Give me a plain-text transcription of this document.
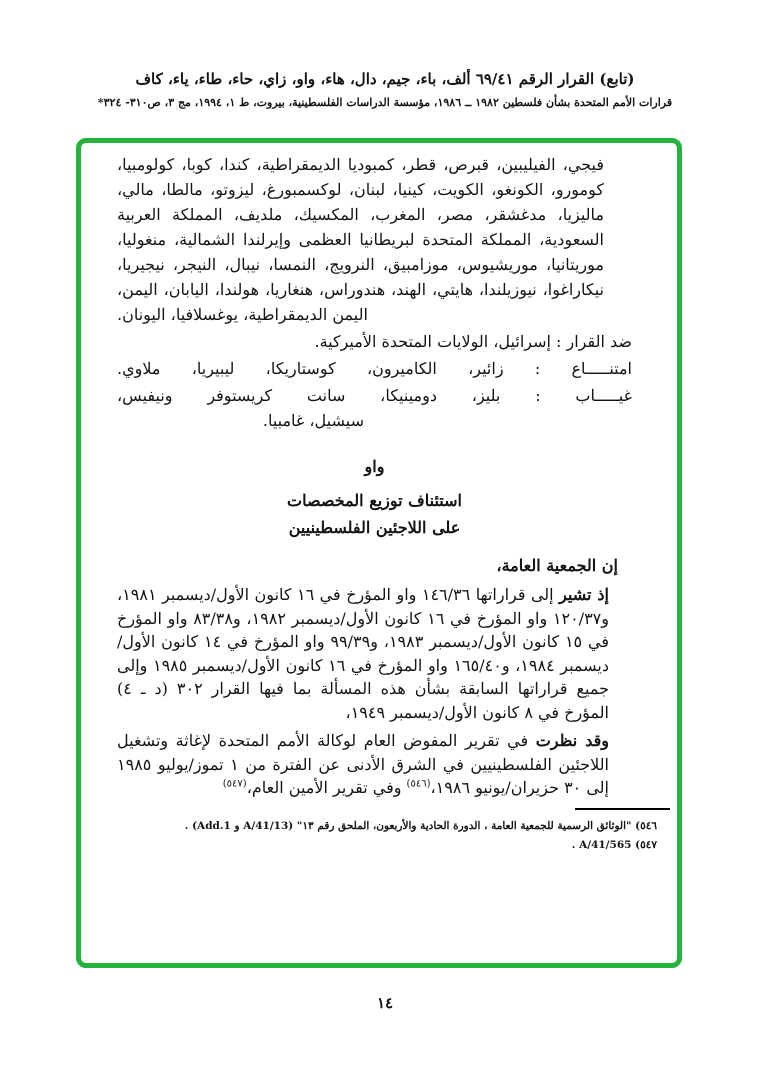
(تابع) القرار الرقم ٦٩/٤١ ألف، باء، جيم، دال، هاء، واو، زاي، حاء، طاء، ياء، كاف
قرارات الأمم المتحدة بشأن فلسطين ١٩٨٢ ــ ١٩٨٦، مؤسسة الدراسات الفلسطينية، بيروت، ط ١، ١٩٩٤، مج ٣، ص٣١٠- ٣٢٤*
فيجي، الفيليبين، قبرص، قطر، كمبوديا الديمقراطية، كندا، كوبا، كولومبيا، كومورو، الكونغو، الكويت، كينيا، لبنان، لوكسمبورغ، ليزوتو، مالطا، مالي، ماليزيا، مدغشقر، مصر، المغرب، المكسيك، ملديف، المملكة العربية السعودية، المملكة المتحدة لبريطانيا العظمى وإيرلندا الشمالية، منغوليا، موريتانيا، موريشيوس، موزامبيق، النرويج، النمسا، نيبال، النيجر، نيجيريا، نيكاراغوا، نيوزيلندا، هايتي، الهند، هندوراس، هنغاريا، هولندا، اليابان، اليمن، اليمن الديمقراطية، يوغسلافيا، اليونان.
ضد القرار : إسرائيل، الولايات المتحدة الأميركية.
امتنـــــاع : زائير، الكاميرون، كوستاريكا، ليبيريا، ملاوي.
غيـــــاب : بليز، دومينيكا، سانت كريستوفر ونيفيس،
سيشيل، غامبيا.
واو
استئناف توزيع المخصصات
على اللاجئين الفلسطينيين
إن الجمعية العامة،
إذ تشير إلى قراراتها ١٤٦/٣٦ واو المؤرخ في ١٦ كانون الأول/ديسمبر ١٩٨١، و١٢٠/٣٧ واو المؤرخ في ١٦ كانون الأول/ديسمبر ١٩٨٢، و٨٣/٣٨ واو المؤرخ في ١٥ كانون الأول/ديسمبر ١٩٨٣، و٩٩/٣٩ واو المؤرخ في ١٤ كانون الأول/ديسمبر ١٩٨٤، و١٦٥/٤٠ واو المؤرخ في ١٦ كانون الأول/ديسمبر ١٩٨٥ وإلى جميع قراراتها السابقة بشأن هذه المسألة بما فيها القرار ٣٠٢ (د ـ ٤) المؤرخ في ٨ كانون الأول/ديسمبر ١٩٤٩،
وقد نظرت في تقرير المفوض العام لوكالة الأمم المتحدة لإغاثة وتشغيل اللاجئين الفلسطينيين في الشرق الأدنى عن الفترة من ١ تموز/يوليو ١٩٨٥ إلى ٣٠ حزيران/يونيو ١٩٨٦،$^{(٥٤٦)}$ وفي تقرير الأمين العام،$^{(٥٤٧)}$
٥٤٦) "الوثائق الرسمية للجمعية العامة ، الدورة الحادية والأربعون، الملحق رقم ١٣" (A/41/13 و Add.1) .
٥٤٧) A/41/565 .
١٤
